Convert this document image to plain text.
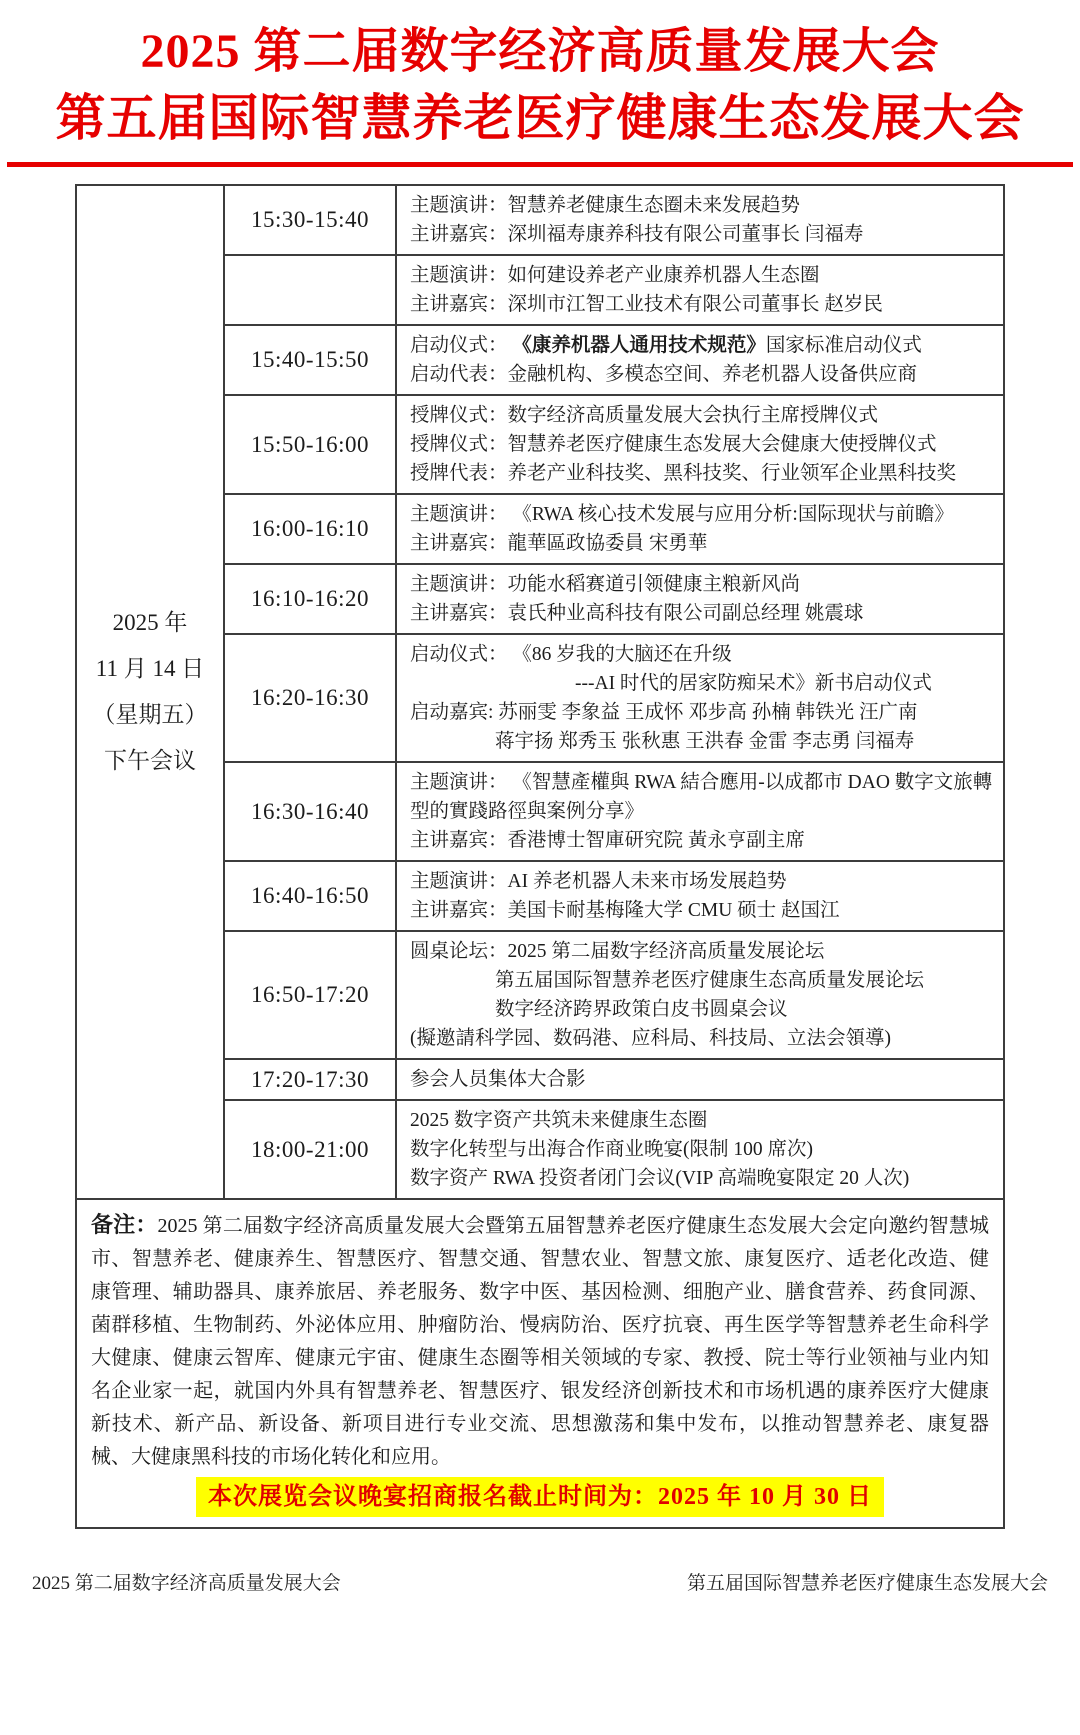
2025 第二届数字经济高质量发展大会
第五届国际智慧养老医疗健康生态发展大会
2025 年
11 月 14 日
（星期五）
下午会议
	15:30-15:40	
主题演讲：智慧养老健康生态圈未来发展趋势
主讲嘉宾：深圳福寿康养科技有限公司董事长 闫福寿

		主题演讲：如何建设养老产业康养机器人生态圈
主讲嘉宾：深圳市江智工业技术有限公司董事长 赵岁民

	15:40-15:50	启动仪式： 《康养机器人通用技术规范》国家标准启动仪式
启动代表：金融机构、多模态空间、养老机器人设备供应商

	15:50-16:00	授牌仪式：数字经济高质量发展大会执行主席授牌仪式
授牌仪式：智慧养老医疗健康生态发展大会健康大使授牌仪式
授牌代表：养老产业科技奖、黑科技奖、行业领军企业黑科技奖

	16:00-16:10	主题演讲： 《RWA 核心技术发展与应用分析:国际现状与前瞻》
主讲嘉宾：龍華區政協委員 宋勇華

	16:10-16:20	主题演讲：功能水稻赛道引领健康主粮新风尚
主讲嘉宾：袁氏种业高科技有限公司副总经理 姚震球

	16:20-16:30	启动仪式： 《86 岁我的大脑还在升级
---AI 时代的居家防痴呆术》新书启动仪式
启动嘉宾: 苏丽雯 李象益 王成怀 邓步高 孙楠 韩铁光 汪广南
蒋宇扬 郑秀玉 张秋惠 王洪春 金雷 李志勇 闫福寿

	16:30-16:40	主题演讲： 《智慧產權與 RWA 結合應用-以成都市 DAO 數字文旅轉
型的實踐路徑與案例分享》
主讲嘉宾：香港博士智庫研究院 黃永亨副主席

	16:40-16:50	主题演讲：AI 养老机器人未来市场发展趋势
主讲嘉宾：美国卡耐基梅隆大学 CMU 硕士 赵国江

	16:50-17:20	圆桌论坛：2025 第二届数字经济高质量发展论坛
第五届国际智慧养老医疗健康生态高质量发展论坛
数字经济跨界政策白皮书圆桌会议
(擬邀請科学园、数码港、应科局、科技局、立法会領導)

	17:20-17:30	参会人员集体大合影

	18:00-21:00	2025 数字资产共筑未来健康生态圈
数字化转型与出海合作商业晚宴(限制 100 席次)
数字资产 RWA 投资者闭门会议(VIP 高端晚宴限定 20 人次)

备注：2025 第二届数字经济高质量发展大会暨第五届智慧养老医疗健康生态发展大会定向邀约智慧城市、智慧养老、健康养生、智慧医疗、智慧交通、智慧农业、智慧文旅、康复医疗、适老化改造、健康管理、辅助器具、康养旅居、养老服务、数字中医、基因检测、细胞产业、膳食营养、药食同源、菌群移植、生物制药、外泌体应用、肿瘤防治、慢病防治、医疗抗衰、再生医学等智慧养老生命科学大健康、健康云智库、健康元宇宙、健康生态圈等相关领域的专家、教授、院士等行业领袖与业内知名企业家一起，就国内外具有智慧养老、智慧医疗、银发经济创新技术和市场机遇的康养医疗大健康新技术、新产品、新设备、新项目进行专业交流、思想激荡和集中发布，以推动智慧养老、康复器械、大健康黑科技的市场化转化和应用。
本次展览会议晚宴招商报名截止时间为：2025 年 10 月 30 日		
2025 第二届数字经济高质量发展大会	第五届国际智慧养老医疗健康生态发展大会
